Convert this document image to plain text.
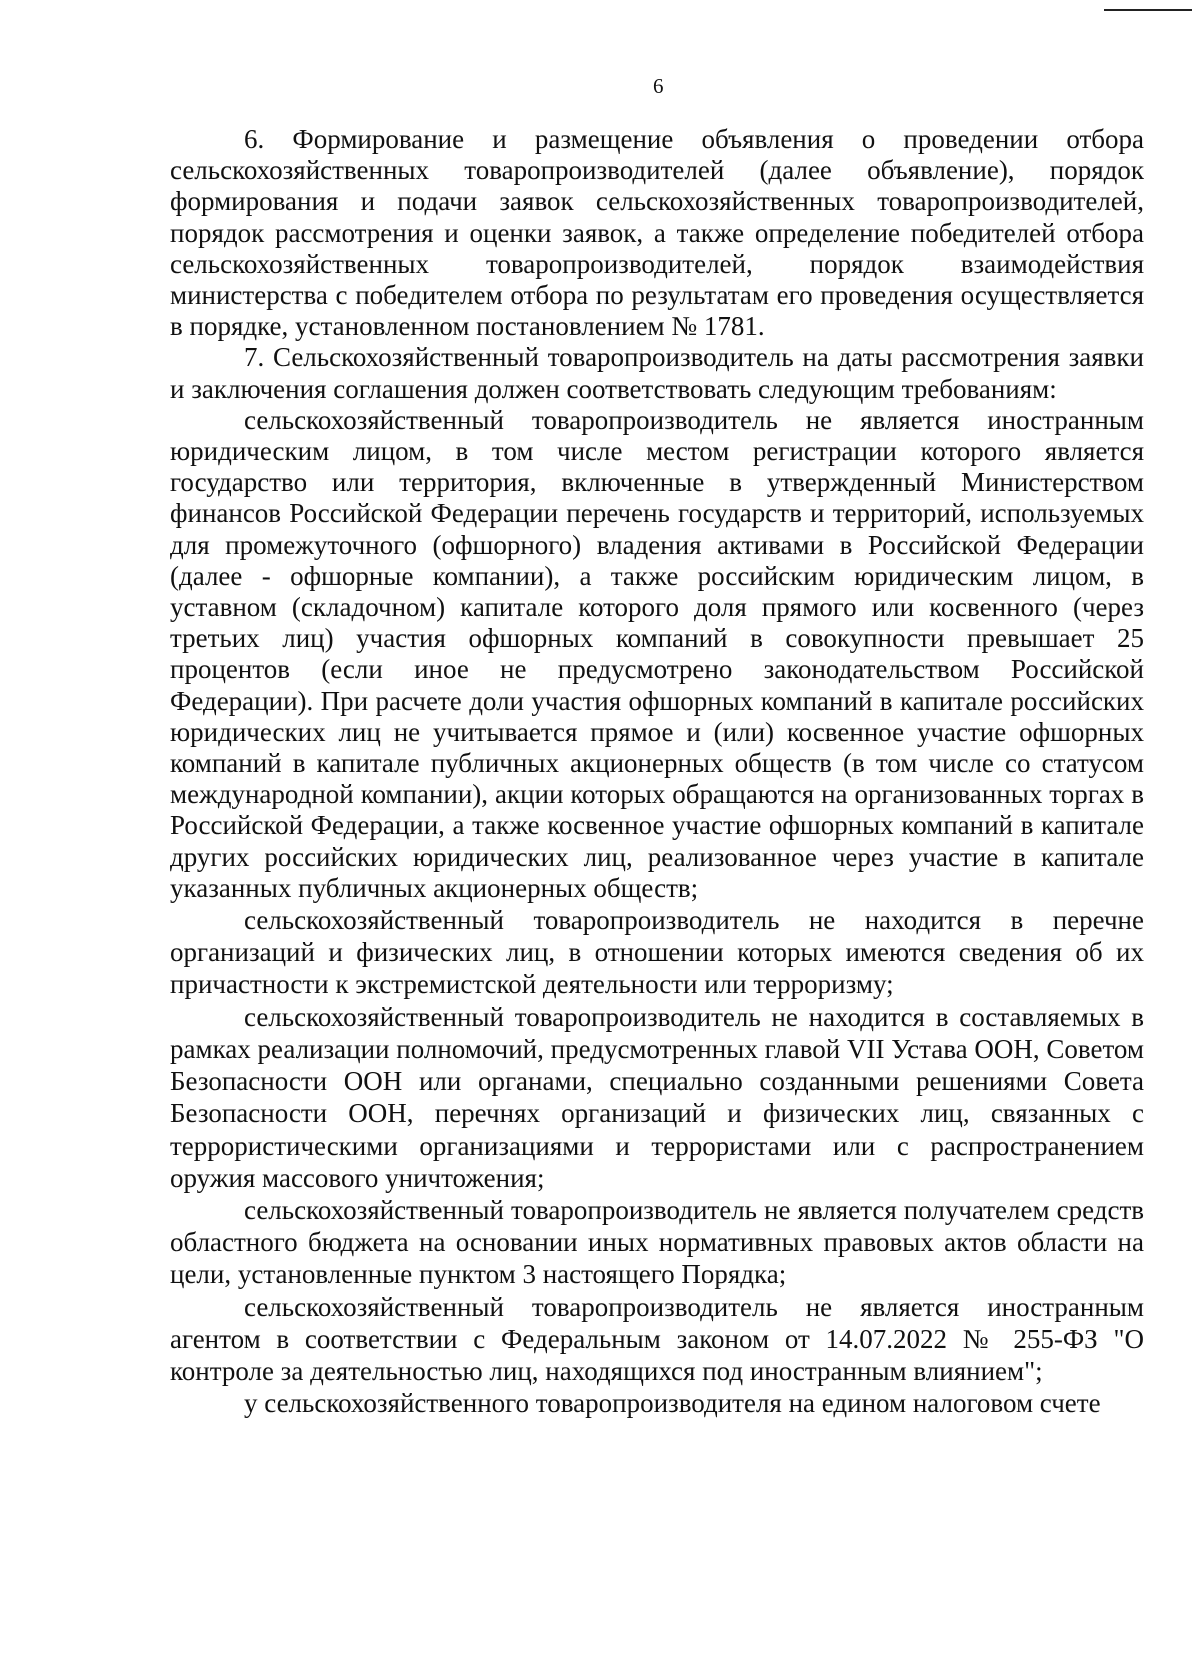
6

6. Формирование и размещение объявления о проведении отбора сельскохозяйственных товаропроизводителей (далее объявление), порядок формирования и подачи заявок сельскохозяйственных товаропроизводителей, порядок рассмотрения и оценки заявок, а также определение победителей отбора сельскохозяйственных товаропроизводителей, порядок взаимодействия министерства с победителем отбора по результатам его проведения осуществляется в порядке, установленном постановлением № 1781.

7. Сельскохозяйственный товаропроизводитель на даты рассмотрения заявки и заключения соглашения должен соответствовать следующим требованиям:

сельскохозяйственный товаропроизводитель не является иностранным юридическим лицом, в том числе местом регистрации которого является государство или территория, включенные в утвержденный Министерством финансов Российской Федерации перечень государств и территорий, используемых для промежуточного (офшорного) владения активами в Российской Федерации (далее - офшорные компании), а также российским юридическим лицом, в уставном (складочном) капитале которого доля прямого или косвенного (через третьих лиц) участия офшорных компаний в совокупности превышает 25 процентов (если иное не предусмотрено законодательством Российской Федерации). При расчете доли участия офшорных компаний в капитале российских юридических лиц не учитывается прямое и (или) косвенное участие офшорных компаний в капитале публичных акционерных обществ (в том числе со статусом международной компании), акции которых обращаются на организованных торгах в Российской Федерации, а также косвенное участие офшорных компаний в капитале других российских юридических лиц, реализованное через участие в капитале указанных публичных акционерных обществ;

сельскохозяйственный товаропроизводитель не находится в перечне организаций и физических лиц, в отношении которых имеются сведения об их причастности к экстремистской деятельности или терроризму;

сельскохозяйственный товаропроизводитель не находится в составляемых в рамках реализации полномочий, предусмотренных главой VII Устава ООН, Советом Безопасности ООН или органами, специально созданными решениями Совета Безопасности ООН, перечнях организаций и физических лиц, связанных с террористическими организациями и террористами или с распространением оружия массового уничтожения;

сельскохозяйственный товаропроизводитель не является получателем средств областного бюджета на основании иных нормативных правовых актов области на цели, установленные пунктом 3 настоящего Порядка;

сельскохозяйственный товаропроизводитель не является иностранным агентом в соответствии с Федеральным законом от 14.07.2022 № 255-ФЗ "О контроле за деятельностью лиц, находящихся под иностранным влиянием";

у сельскохозяйственного товаропроизводителя на едином налоговом счете
